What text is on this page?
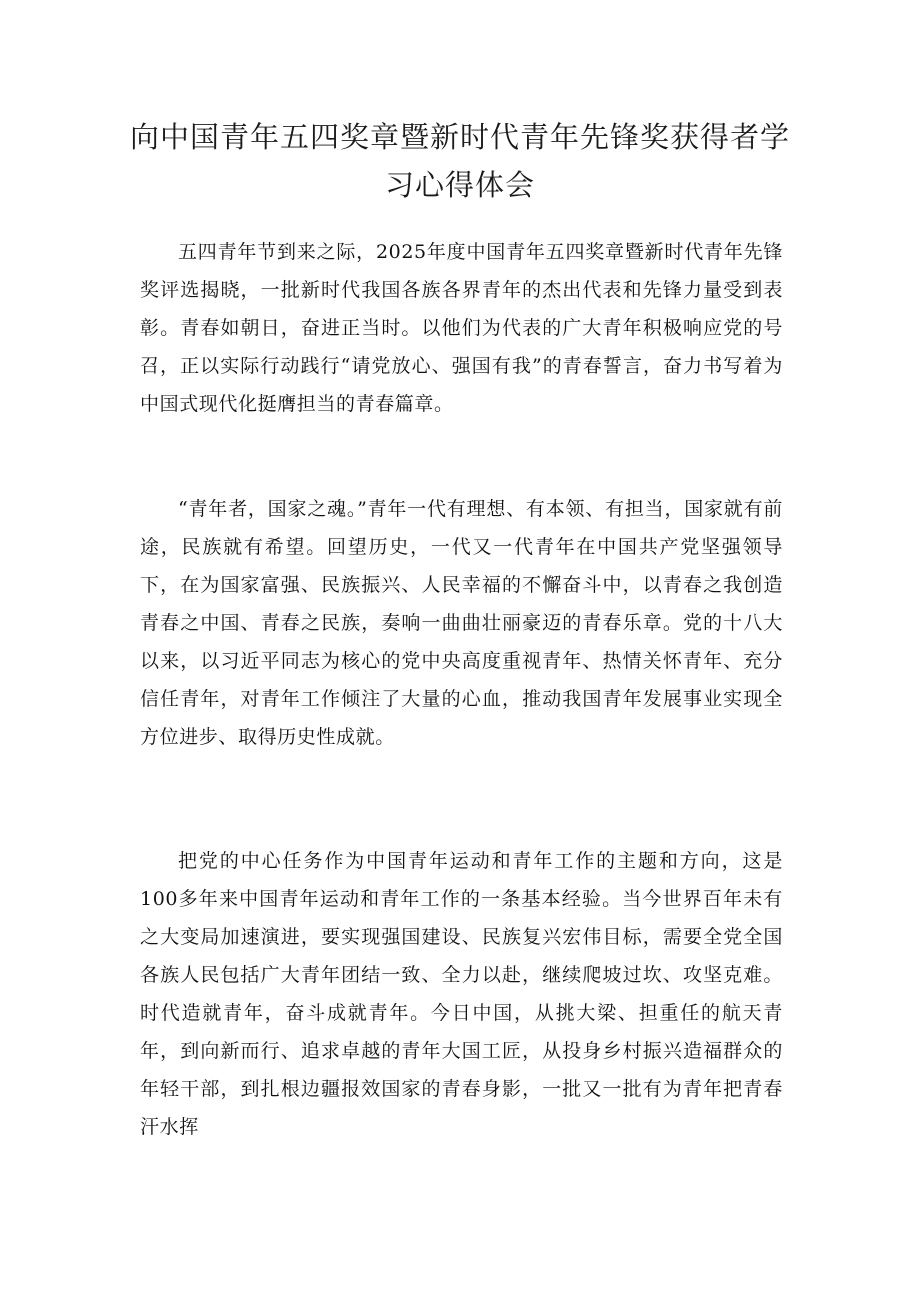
向中国青年五四奖章暨新时代青年先锋奖获得者学习心得体会

五四青年节到来之际，2025年度中国青年五四奖章暨新时代青年先锋奖评选揭晓，一批新时代我国各族各界青年的杰出代表和先锋力量受到表彰。青春如朝日，奋进正当时。以他们为代表的广大青年积极响应党的号召，正以实际行动践行“请党放心、强国有我”的青春誓言，奋力书写着为中国式现代化挺膺担当的青春篇章。

“青年者，国家之魂。”青年一代有理想、有本领、有担当，国家就有前途，民族就有希望。回望历史，一代又一代青年在中国共产党坚强领导下，在为国家富强、民族振兴、人民幸福的不懈奋斗中，以青春之我创造青春之中国、青春之民族，奏响一曲曲壮丽豪迈的青春乐章。党的十八大以来，以习近平同志为核心的党中央高度重视青年、热情关怀青年、充分信任青年，对青年工作倾注了大量的心血，推动我国青年发展事业实现全方位进步、取得历史性成就。

把党的中心任务作为中国青年运动和青年工作的主题和方向，这是100多年来中国青年运动和青年工作的一条基本经验。当今世界百年未有之大变局加速演进，要实现强国建设、民族复兴宏伟目标，需要全党全国各族人民包括广大青年团结一致、全力以赴，继续爬坡过坎、攻坚克难。时代造就青年，奋斗成就青年。今日中国，从挑大梁、担重任的航天青年，到向新而行、追求卓越的青年大国工匠，从投身乡村振兴造福群众的年轻干部，到扎根边疆报效国家的青春身影，一批又一批有为青年把青春汗水挥
